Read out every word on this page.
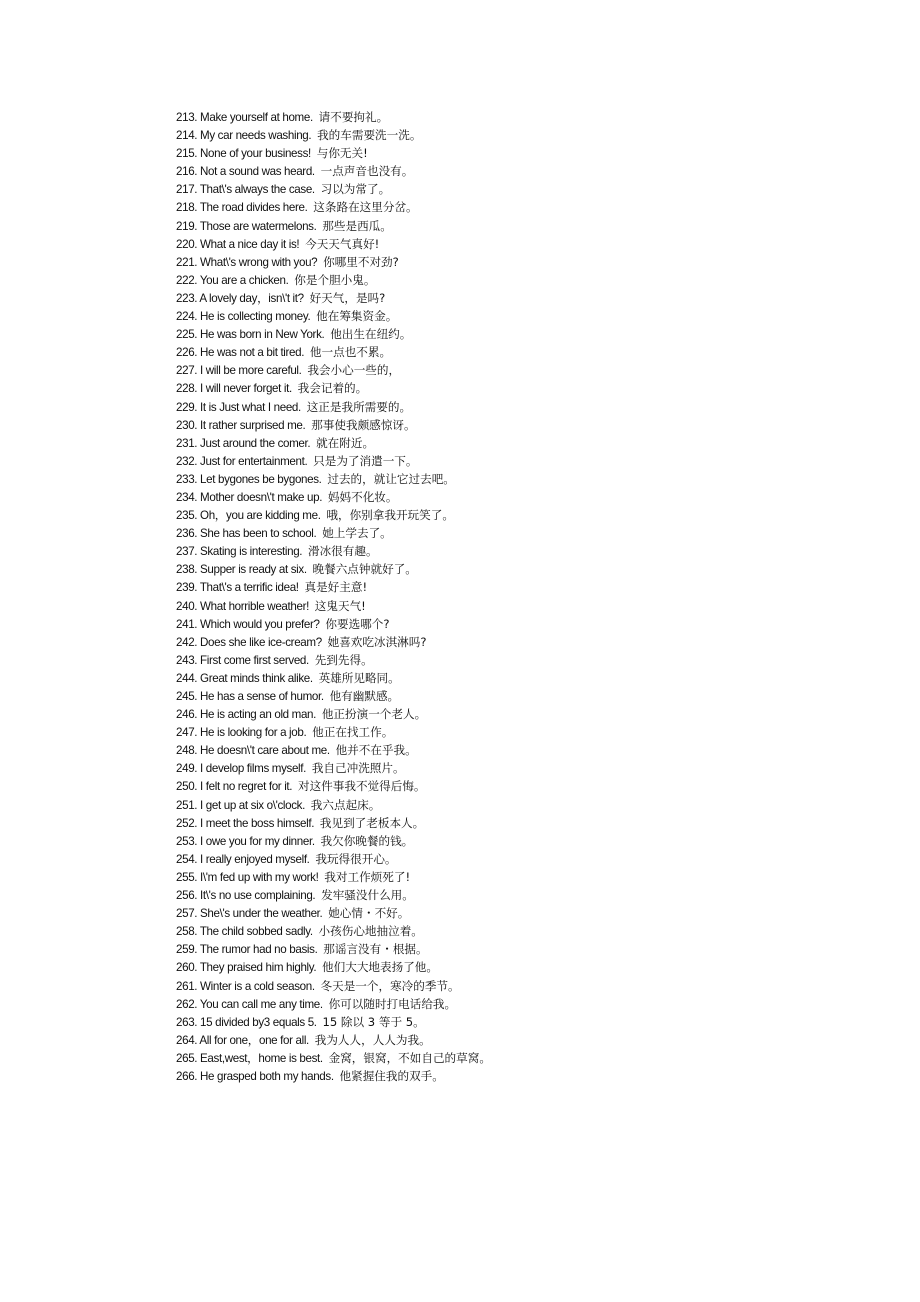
213. Make yourself at home. 请不要拘礼。
214. My car needs washing. 我的车需要洗一洗。
215. None of your business! 与你无关!
216. Not a sound was heard. 一点声音也没有。
217. That\'s always the case. 习以为常了。
218. The road divides here. 这条路在这里分岔。
219. Those are watermelons. 那些是西瓜。
220. What a nice day it is! 今天天气真好!
221. What\'s wrong with you? 你哪里不对劲?
222. You are a chicken. 你是个胆小鬼。
223. A lovely day，isn\'t it? 好天气，是吗?
224. He is collecting money. 他在筹集资金。
225. He was born in New York. 他出生在纽约。
226. He was not a bit tired. 他一点也不累。
227. I will be more careful. 我会小心一些的，
228. I will never forget it. 我会记着的。
229. It is Just what I need. 这正是我所需要的。
230. It rather surprised me. 那事使我颇感惊讶。
231. Just around the comer. 就在附近。
232. Just for entertainment. 只是为了消遣一下。
233. Let bygones be bygones. 过去的，就让它过去吧。
234. Mother doesn\'t make up. 妈妈不化妆。
235. Oh，you are kidding me. 哦，你别拿我开玩笑了。
236. She has been to school. 她上学去了。
237. Skating is interesting. 滑冰很有趣。
238. Supper is ready at six. 晚餐六点钟就好了。
239. That\'s a terrific idea! 真是好主意!
240. What horrible weather! 这鬼天气!
241. Which would you prefer? 你要选哪个?
242. Does she like ice-cream? 她喜欢吃冰淇淋吗?
243. First come first served. 先到先得。
244. Great minds think alike. 英雄所见略同。
245. He has a sense of humor. 他有幽默感。
246. He is acting an old man. 他正扮演一个老人。
247. He is looking for a job. 他正在找工作。
248. He doesn\'t care about me. 他并不在乎我。
249. I develop films myself. 我自己冲洗照片。
250. I felt no regret for it. 对这件事我不觉得后悔。
251. I get up at six o\'clock. 我六点起床。
252. I meet the boss himself. 我见到了老板本人。
253. I owe you for my dinner. 我欠你晚餐的钱。
254. I really enjoyed myself. 我玩得很开心。
255. I\'m fed up with my work! 我对工作烦死了!
256. It\'s no use complaining. 发牢骚没什么用。
257. She\'s under the weather. 她心情・不好。
258. The child sobbed sadly. 小孩伤心地抽泣着。
259. The rumor had no basis. 那谣言没有・根据。
260. They praised him highly. 他们大大地表扬了他。
261. Winter is a cold season. 冬天是一个，寒冷的季节。
262. You can call me any time. 你可以随时打电话给我。
263. 15 divided by3 equals 5. 15 除以 3 等于 5。
264. All for one，one for all. 我为人人，人人为我。
265. East,west，home is best. 金窝，银窝，不如自己的草窝。
266. He grasped both my hands. 他紧握住我的双手。
